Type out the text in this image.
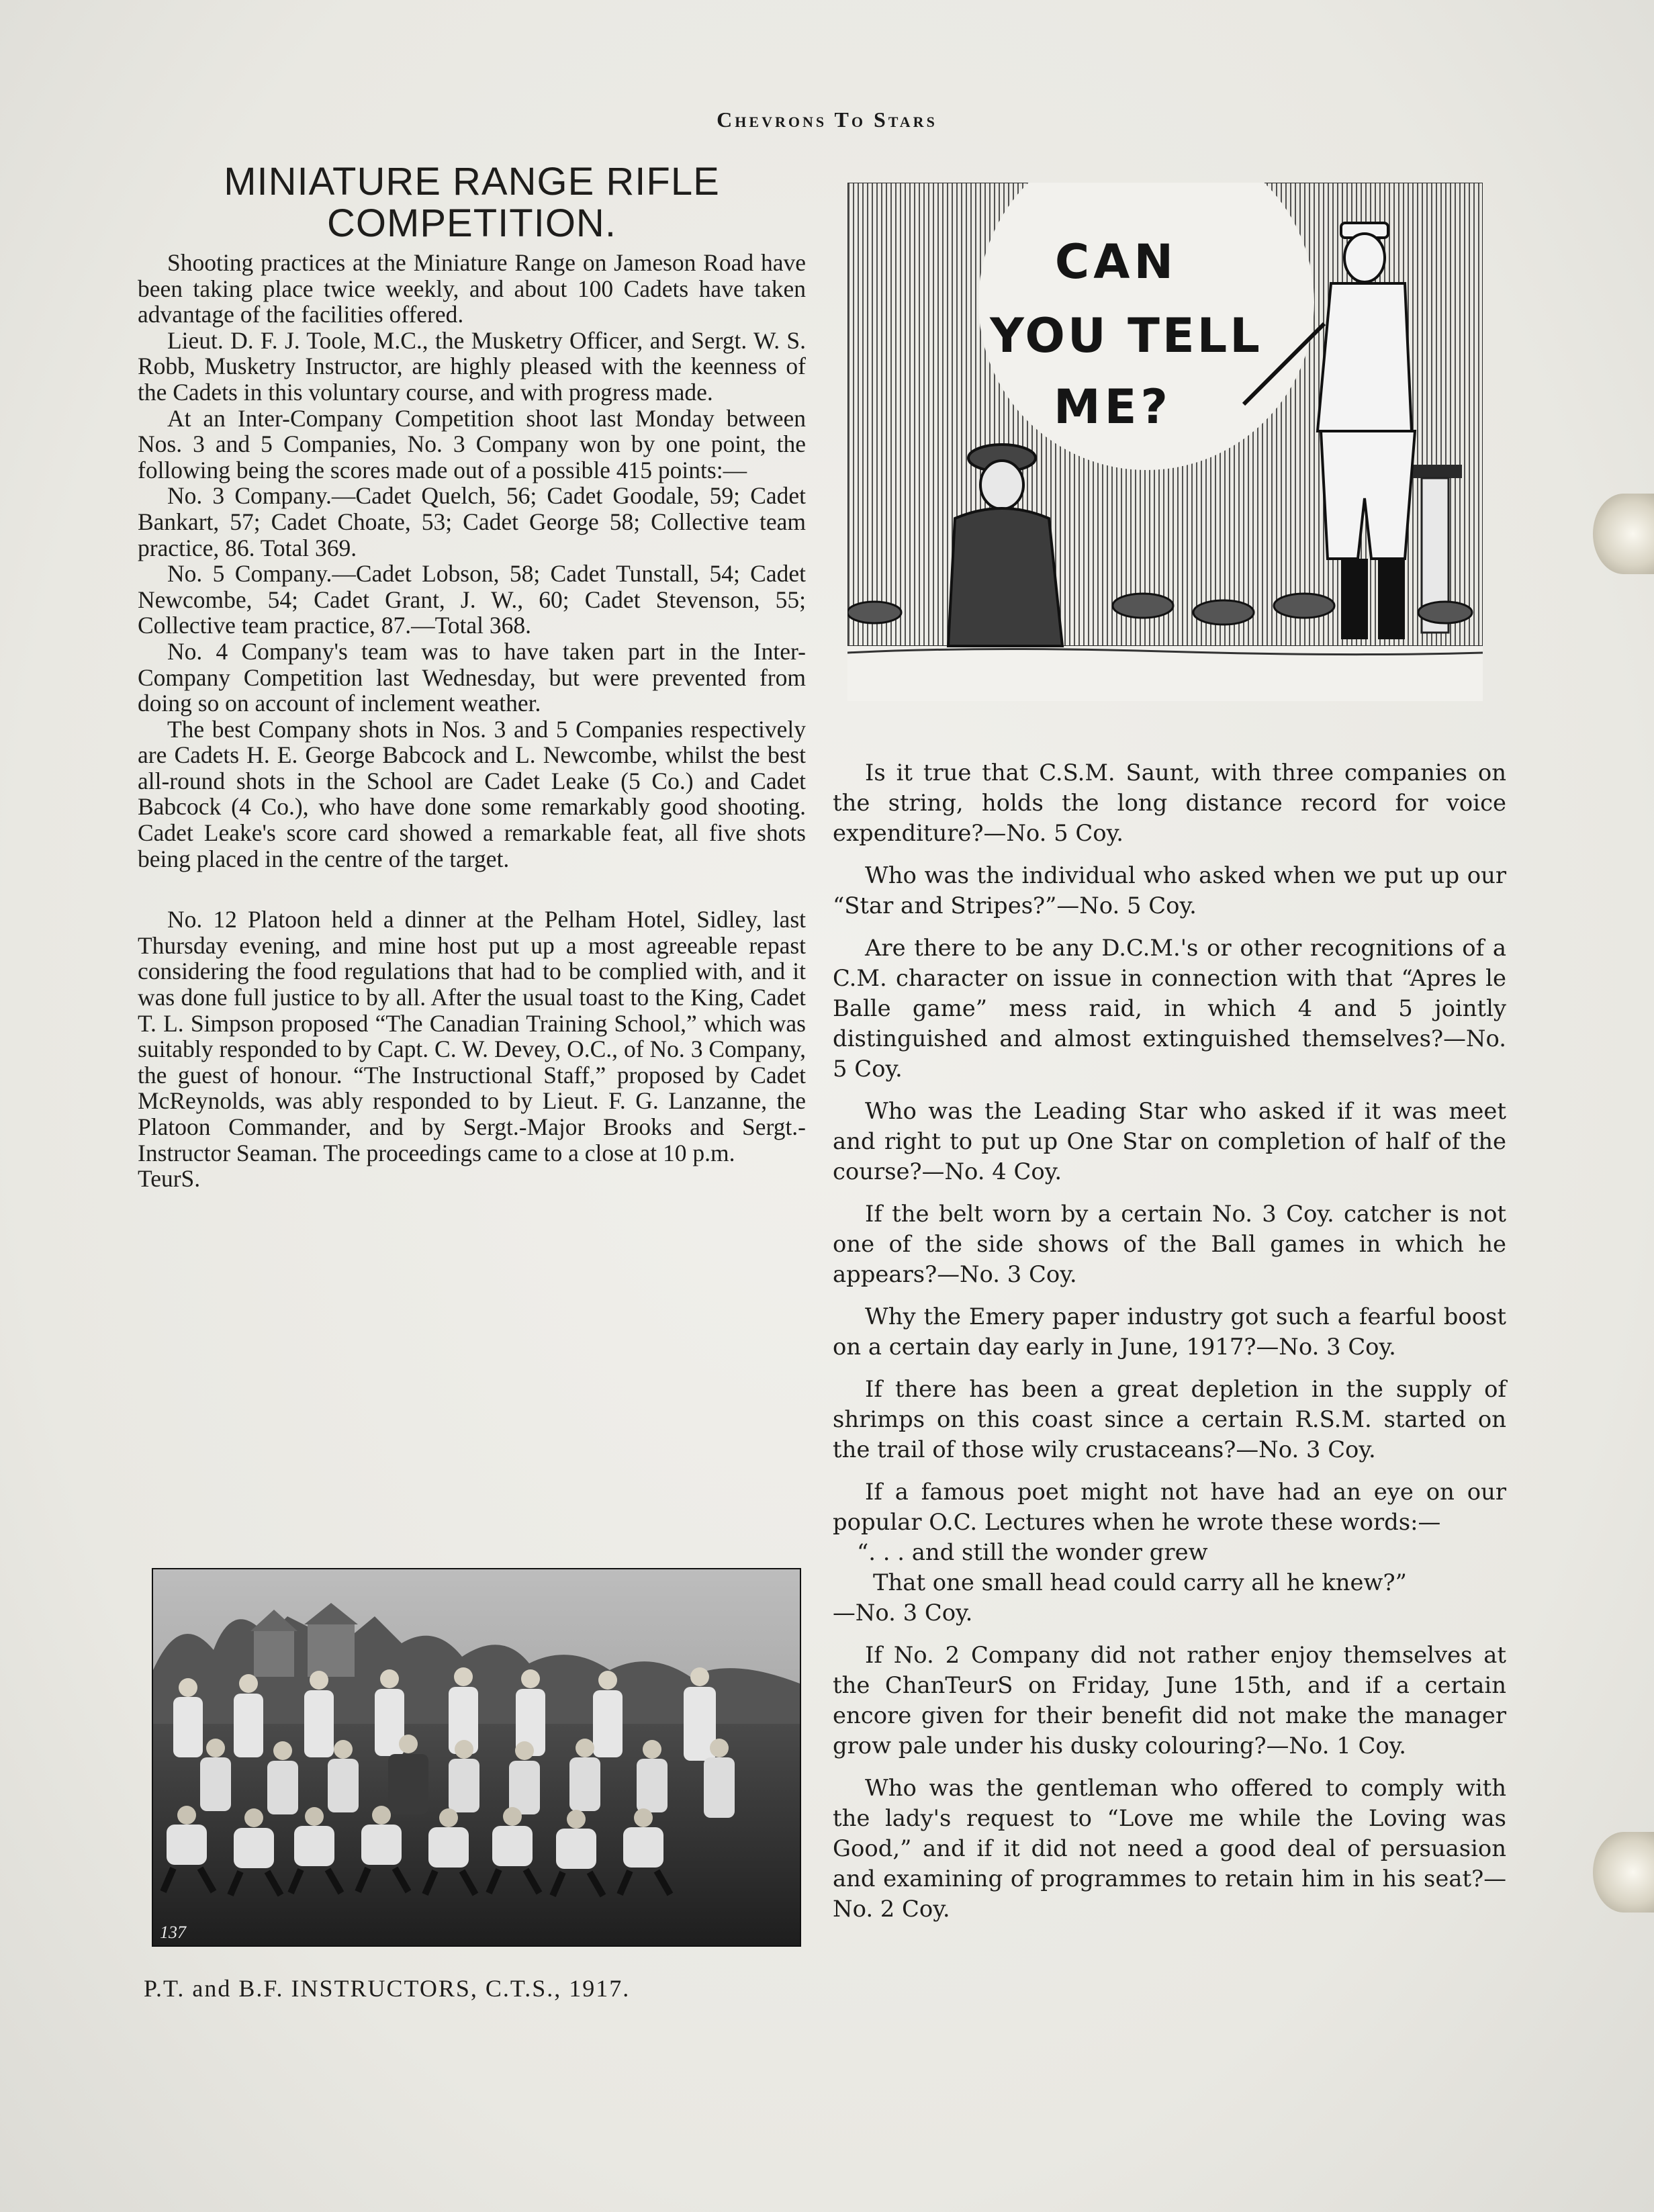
Chevrons To Stars
MINIATURE RANGE RIFLE COMPETITION.

Shooting practices at the Miniature Range on Jameson Road have been taking place twice weekly, and about 100 Cadets have taken advantage of the facilities offered.

Lieut. D. F. J. Toole, M.C., the Musketry Officer, and Sergt. W. S. Robb, Musketry Instructor, are highly pleased with the keenness of the Cadets in this voluntary course, and with progress made.

At an Inter-Company Competition shoot last Monday between Nos. 3 and 5 Companies, No. 3 Company won by one point, the following being the scores made out of a possible 415 points:—

No. 3 Company.—Cadet Quelch, 56; Cadet Goodale, 59; Cadet Bankart, 57; Cadet Choate, 53; Cadet George 58; Collective team practice, 86. Total 369.

No. 5 Company.—Cadet Lobson, 58; Cadet Tunstall, 54; Cadet Newcombe, 54; Cadet Grant, J. W., 60; Cadet Stevenson, 55; Collective team practice, 87.—Total 368.

No. 4 Company's team was to have taken part in the Inter-Company Competition last Wednesday, but were prevented from doing so on account of inclement weather.

The best Company shots in Nos. 3 and 5 Companies respectively are Cadets H. E. George Babcock and L. Newcombe, whilst the best all-round shots in the School are Cadet Leake (5 Co.) and Cadet Babcock (4 Co.), who have done some remarkably good shooting. Cadet Leake's score card showed a remarkable feat, all five shots being placed in the centre of the target.

No. 12 Platoon held a dinner at the Pelham Hotel, Sidley, last Thursday evening, and mine host put up a most agreeable repast considering the food regulations that had to be complied with, and it was done full justice to by all. After the usual toast to the King, Cadet T. L. Simpson proposed “The Canadian Training School,” which was suitably responded to by Capt. C. W. Devey, O.C., of No. 3 Company, the guest of honour. “The Instructional Staff,” proposed by Cadet McReynolds, was ably responded to by Lieut. F. G. Lanzanne, the Platoon Commander, and by Sergt.-Major Brooks and Sergt.-Instructor Seaman. The proceedings came to a close at 10 p.m.

TeurS.
137
P.T. and B.F. INSTRUCTORS, C.T.S., 1917.
CAN
YOU TELL
ME?

Is it true that C.S.M. Saunt, with three companies on the string, holds the long distance record for voice expenditure?—No. 5 Coy.

Who was the individual who asked when we put up our “Star and Stripes?”—No. 5 Coy.

Are there to be any D.C.M.'s or other recognitions of a C.M. character on issue in connection with that “Apres le Balle game” mess raid, in which 4 and 5 jointly distinguished and almost extinguished themselves?—No. 5 Coy.

Who was the Leading Star who asked if it was meet and right to put up One Star on completion of half of the course?—No. 4 Coy.

If the belt worn by a certain No. 3 Coy. catcher is not one of the side shows of the Ball games in which he appears?—No. 3 Coy.

Why the Emery paper industry got such a fearful boost on a certain day early in June, 1917?—No. 3 Coy.

If there has been a great depletion in the supply of shrimps on this coast since a certain R.S.M. started on the trail of those wily crustaceans?—No. 3 Coy.

If a famous poet might not have had an eye on our popular O.C. Lectures when he wrote these words:—

“. . . and still the wonder grew

That one small head could carry all he knew?”

—No. 3 Coy.

If No. 2 Company did not rather enjoy themselves at the ChanTeurS on Friday, June 15th, and if a certain encore given for their benefit did not make the manager grow pale under his dusky colouring?—No. 1 Coy.

Who was the gentleman who offered to comply with the lady's request to “Love me while the Loving was Good,” and if it did not need a good deal of persuasion and examining of programmes to retain him in his seat?—No. 2 Coy.
